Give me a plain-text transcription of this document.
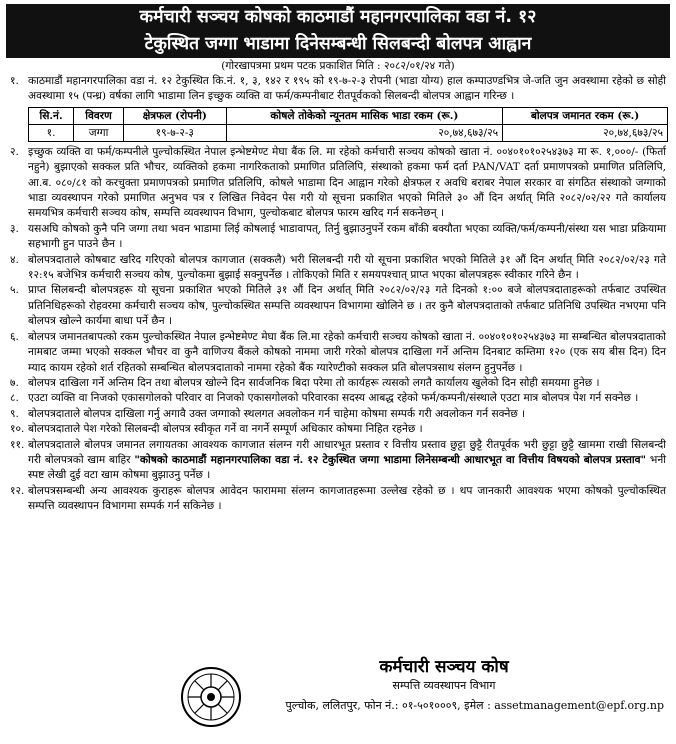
कर्मचारी सञ्चय कोषको काठमाडौं महानगरपालिका वडा नं. १२
टेकुस्थित जग्गा भाडामा दिनेसम्बन्धी सिलबन्दी बोलपत्र आह्वान
(गोरखापत्रमा प्रथम पटक प्रकाशित मिति : २०८२/०१/२४ गते)
१. काठमाडौं महानगरपालिका वडा नं. १२ टेकुस्थित कि.नं. १, ३, १४२ र १९५ को १९-७-२-३ रोपनी (भाडा योग्य) हाल कम्पाउण्डभित्र जे-जति जुन अवस्थामा रहेको छ सोही अवस्थामा १५ (पन्ध्र) वर्षका लागि भाडामा लिन इच्छुक व्यक्ति वा फर्म/कम्पनीबाट रीतपूर्वकको सिलबन्दी बोलपत्र आह्वान गरिन्छ ।
सि.नं.	विवरण	क्षेत्रफल (रोपनी)	कोषले तोकेको न्यूनतम मासिक भाडा रकम (रू.)	बोलपत्र जमानत रकम (रू.)
१.	जग्गा	१९-७-२-३	२०,७४,६७३/२५	२०,७४,६७३/२५
२. इच्छुक व्यक्ति वा फर्म/कम्पनीले पुल्चोकस्थित नेपाल इन्भेष्टमेण्ट मेघा बैंक लि. मा रहेको कर्मचारी सञ्चय कोषको खाता नं. ००४०१०१०२५४३७३ मा रू. १,०००/- (फिर्ता नहुने) बुझाएको सक्कल प्रति भौचर, व्यक्तिको हकमा नागरिकताको प्रमाणित प्रतिलिपि, संस्थाको हकमा फर्म दर्ता PAN/VAT दर्ता प्रमाणपत्रको प्रमाणित प्रतिलिपि, आ.ब. ०८०/८१ को करचुक्ता प्रमाणपत्रको प्रमाणित प्रतिलिपि, कोषले भाडामा दिन आह्वान गरेको क्षेत्रफल र अवधि बराबर नेपाल सरकार वा संगठित संस्थाको जग्गाको भाडा व्यवस्थापन गरेको प्रमाणित अनुभव पत्र र लिखित निवेदन पेस गरी यो सूचना प्रकाशित भएको मितिले ३० औं दिन अर्थात् मिति २०८२/०२/२२ गते कार्यालय समयभित्र कर्मचारी सञ्चय कोष, सम्पत्ति व्यवस्थापन विभाग, पुल्चोकबाट बोलपत्र फारम खरिद गर्न सकनेछन् ।
३. यसअघि कोषको कुनै पनि जग्गा तथा भवन भाडामा लिई कोषलाई भाडावापत्, तिर्नु बुझाउनुपर्ने रकम बाँकी बक्यौता भएका व्यक्ति/फर्म/कम्पनी/संस्था यस भाडा प्रक्रियामा सहभागी हुन पाउने छैन ।
४. बोलपत्रदाताले कोषबाट खरिद गरिएको बोलपत्र कागजात (सक्कलै) भरी सिलबन्दी गरी यो सूचना प्रकाशित भएको मितिले ३१ औं दिन अर्थात् मिति २०८२/०२/२३ गते १२:१५ बजेभित्र कर्मचारी सञ्चय कोष, पुल्चोकमा बुझाई सक्नुपर्नेछ । तोकिएको मिति र समयपश्चात् प्राप्त भएका बोलपत्रहरू स्वीकार गरिने छैन ।
५. प्राप्त सिलबन्दी बोलपत्रहरू यो सूचना प्रकाशित भएको मितिले ३१ औं दिन अर्थात् मिति २०८२/०२/२३ गते दिनको १:०० बजे बोलपत्रदाताहरूको तर्फबाट उपस्थित प्रतिनिधिहरूको रोहवरमा कर्मचारी सञ्चय कोष, पुल्चोकस्थित सम्पत्ति व्यवस्थापन विभागमा खोलिने छ । तर कुनै बोलपत्रदाताको तर्फबाट प्रतिनिधि उपस्थित नभएमा पनि बोलपत्र खोल्ने कार्यमा बाधा पर्ने छैन ।
६. बोलपत्र जमानतबापत्को रकम पुल्चोकस्थित नेपाल इन्भेष्टमेण्ट मेघा बैंक लि.मा रहेको कर्मचारी सञ्चय कोषको खाता नं. ००४०१०१०२५४३७३ मा सम्बन्धित बोलपत्रदाताको नामबाट जम्मा भएको सक्कल भौचर वा कुनै वाणिज्य बैंकले कोषको नाममा जारी गरेको बोलपत्र दाखिला गर्ने अन्तिम दिनबाट कम्तिमा १२० (एक सय बीस दिन) दिन म्याद कायम रहेको शर्त रहितको सम्बन्धित बोलपत्रदाताको नाममा रहेको बैंक ग्यारेण्टीको सक्कल प्रति बोलपत्रसाथ संलग्न हुनुपर्नेछ ।
७. बोलपत्र दाखिला गर्ने अन्तिम दिन तथा बोलपत्र खोल्ने दिन सार्वजनिक बिदा परेमा तो कार्यहरू त्यसको लगतै कार्यालय खुलेको दिन सोही समयमा हुनेछ ।
८. एउटा व्यक्ति वा निजको एकासगोलको परिवार वा निजको एकासगोलको परिवारका सदस्य आबद्ध रहेको फर्म/कम्पनी/संस्थाले एउटा मात्र बोलपत्र पेश गर्न सक्नेछ ।
९. बोलपत्रदाताले बोलपत्र दाखिला गर्नु अगावै उक्त जग्गाको स्थलगत अवलोकन गर्न चाहेमा कोषमा सम्पर्क गरी अवलोकन गर्न सक्नेछ ।
१०. बोलपत्रदाताले पेश गरेको सिलबन्दी बोलपत्र स्वीकृत गर्ने वा नगर्ने सम्पूर्ण अधिकार कोषमा निहित रहनेछ ।
११. बोलपत्रदाताले बोलपत्र जमानत लगायतका आवश्यक कागजात संलग्न गरी आधारभूत प्रस्ताव र वित्तीय प्रस्ताव छुट्टा छुट्टै रीतपूर्वक भरी छुट्टा छुट्टै खाममा राखी सिलबन्दी गरी बोलपत्रको खाम बाहिर "कोषको काठमाडौं महानगरपालिका वडा नं. १२ टेकुस्थित जग्गा भाडामा लिनेसम्बन्धी आधारभूत वा वित्तीय विषयको बोलपत्र प्रस्ताव" भनी स्पष्ट लेखी दुई वटा खाम कोषमा बुझाउनु पर्नेछ ।
१२. बोलपत्रसम्बन्धी अन्य आवश्यक कुराहरू बोलपत्र आवेदन फाराममा संलग्न कागजातहरूमा उल्लेख रहेको छ । थप जानकारी आवश्यक भएमा कोषको पुल्चोकस्थित सम्पत्ति व्यवस्थापन विभागमा सम्पर्क गर्न सकिनेछ ।
कर्मचारी सञ्चय कोष
सम्पत्ति व्यवस्थापन विभाग
पुल्चोक, ललितपुर, फोन नं.: ०१-५०१०००९, इमेल : assetmanagement@epf.org.np
